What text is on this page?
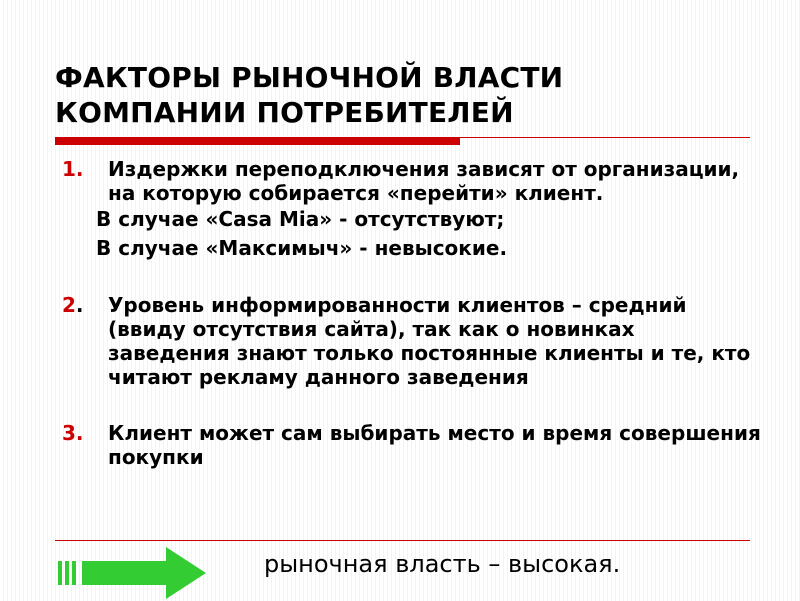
ФАКТОРЫ РЫНОЧНОЙ ВЛАСТИ
КОМПАНИИ ПОТРЕБИТЕЛЕЙ
1.	Издержки переподключения зависят от организации, на которую собирается «перейти» клиент.
В случае «Casa Mia» - отсутствуют;
В случае «Максимыч» - невысокие.
2.	Уровень информированности клиентов – средний (ввиду отсутствия сайта), так как о новинках заведения знают только постоянные клиенты и те, кто читают рекламу данного заведения
3.	Клиент может сам выбирать место и время совершения покупки
рыночная власть – высокая.
